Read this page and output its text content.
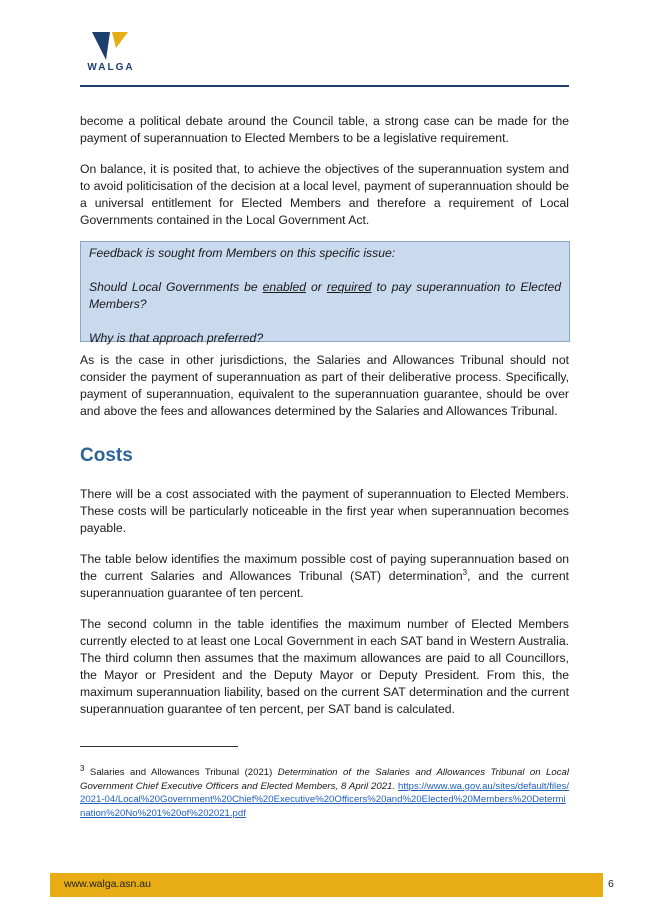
WALGA

become a political debate around the Council table, a strong case can be made for the payment of superannuation to Elected Members to be a legislative requirement.

On balance, it is posited that, to achieve the objectives of the superannuation system and to avoid politicisation of the decision at a local level, payment of superannuation should be a universal entitlement for Elected Members and therefore a requirement of Local Governments contained in the Local Government Act.

Feedback is sought from Members on this specific issue:

Should Local Governments be enabled or required to pay superannuation to Elected Members?

Why is that approach preferred?

As is the case in other jurisdictions, the Salaries and Allowances Tribunal should not consider the payment of superannuation as part of their deliberative process. Specifically, payment of superannuation, equivalent to the superannuation guarantee, should be over and above the fees and allowances determined by the Salaries and Allowances Tribunal.

Costs

There will be a cost associated with the payment of superannuation to Elected Members. These costs will be particularly noticeable in the first year when superannuation becomes payable.

The table below identifies the maximum possible cost of paying superannuation based on the current Salaries and Allowances Tribunal (SAT) determination$^3$, and the current superannuation guarantee of ten percent.

The second column in the table identifies the maximum number of Elected Members currently elected to at least one Local Government in each SAT band in Western Australia. The third column then assumes that the maximum allowances are paid to all Councillors, the Mayor or President and the Deputy Mayor or Deputy President. From this, the maximum superannuation liability, based on the current SAT determination and the current superannuation guarantee of ten percent, per SAT band is calculated.

$^3$ Salaries and Allowances Tribunal (2021) Determination of the Salaries and Allowances Tribunal on Local Government Chief Executive Officers and Elected Members, 8 April 2021. https://www.wa.gov.au/sites/default/files/2021-04/Local%20Government%20Chief%20Executive%20Officers%20and%20Elected%20Members%20Determination%20No%201%20of%202021.pdf
www.walga.asn.au	6
